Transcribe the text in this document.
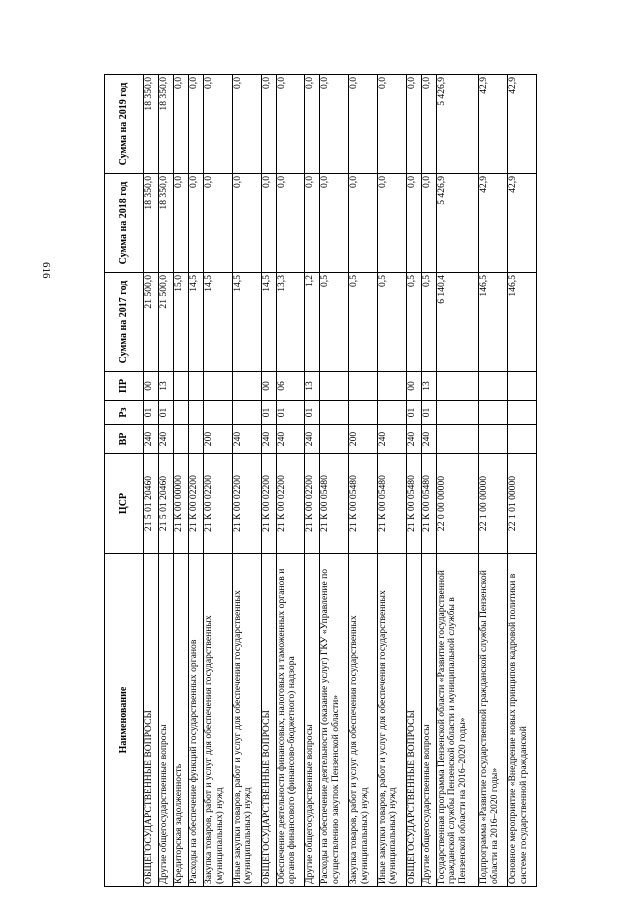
616
Наименование	ЦСР	ВР	Рз	ПР	Сумма на 2017 год	Сумма на 2018 год	Сумма на 2019 год
ОБЩЕГОСУДАРСТВЕННЫЕ ВОПРОСЫ	21 5 01 20460	240	01	00	21 500,0	18 350,0	18 350,0
Другие общегосударственные вопросы	21 5 01 20460	240	01	13	21 500,0	18 350,0	18 350,0
Кредиторская задолженность	21 К 00 00000				15,0	0,0	0,0
Расходы на обеспечение функций государственных органов	21 К 00 02200				14,5	0,0	0,0
Закупка товаров, работ и услуг для обеспечения государственных (муниципальных) нужд	21 К 00 02200	200			14,5	0,0	0,0
Иные закупки товаров, работ и услуг для обеспечения государственных (муниципальных) нужд	21 К 00 02200	240			14,5	0,0	0,0
ОБЩЕГОСУДАРСТВЕННЫЕ ВОПРОСЫ	21 К 00 02200	240	01	00	14,5	0,0	0,0
Обеспечение деятельности финансовых, налоговых и таможенных органов и органов финансового (финансово-бюджетного) надзора	21 К 00 02200	240	01	06	13,3	0,0	0,0
Другие общегосударственные вопросы	21 К 00 02200	240	01	13	1,2	0,0	0,0
Расходы на обеспечение деятельности (оказание услуг) ГКУ «Управление по осуществлению закупок Пензенской области»	21 К 00 05480				0,5	0,0	0,0
Закупка товаров, работ и услуг для обеспечения государственных (муниципальных) нужд	21 К 00 05480	200			0,5	0,0	0,0
Иные закупки товаров, работ и услуг для обеспечения государственных (муниципальных) нужд	21 К 00 05480	240			0,5	0,0	0,0
ОБЩЕГОСУДАРСТВЕННЫЕ ВОПРОСЫ	21 К 00 05480	240	01	00	0,5	0,0	0,0
Другие общегосударственные вопросы	21 К 00 05480	240	01	13	0,5	0,0	0,0
Государственная программа Пензенской области «Развитие государственной гражданской службы Пензенской области и муниципальной службы в Пензенской области на 2016–2020 годы»	22 0 00 00000				6 140,4	5 426,9	5 426,9
Подпрограмма «Развитие государственной гражданской службы Пензенской области на 2016–2020 годы»	22 1 00 00000				146,5	42,9	42,9
Основное мероприятие «Внедрение новых принципов кадровой политики в системе государственной гражданской	22 1 01 00000				146,5	42,9	42,9
